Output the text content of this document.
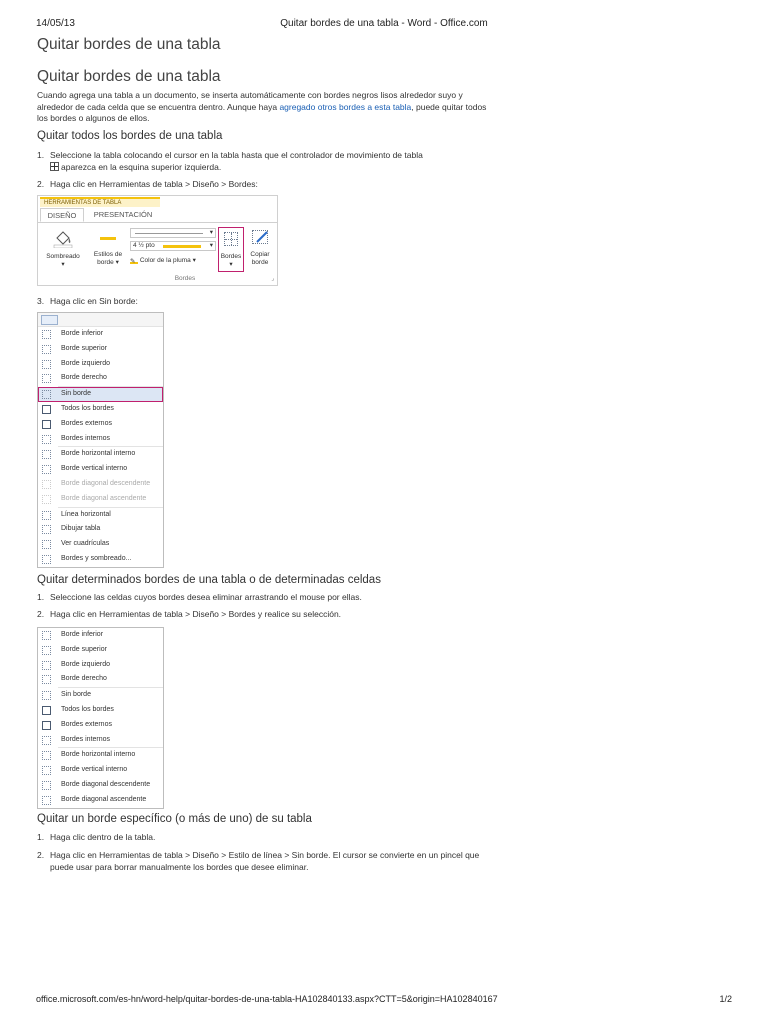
14/05/13	Quitar bordes de una tabla - Word - Office.com
Quitar bordes de una tabla
Quitar bordes de una tabla
Cuando agrega una tabla a un documento, se inserta automáticamente con bordes negros lisos alrededor suyo y alrededor de cada celda que se encuentra dentro. Aunque haya agregado otros bordes a esta tabla, puede quitar todos los bordes o algunos de ellos.
Quitar todos los bordes de una tabla
1. Seleccione la tabla colocando el cursor en la tabla hasta que el controlador de movimiento de tabla
aparezca en la esquina superior izquierda.
2. Haga clic en Herramientas de tabla > Diseño > Bordes:
HERRAMIENTAS DE TABLA
DISEÑO	PRESENTACIÓN
Sombreado
▾
Estilos de
borde ▾
▾
4 ½ pto	▾
✎ Color de la pluma ▾
Bordes
▾
Copiar
borde
Bordes	⌟
3. Haga clic en Sin borde:
Borde inferior
Borde superior
Borde izquierdo
Borde derecho
Sin borde
Todos los bordes
Bordes externos
Bordes internos
Borde horizontal interno
Borde vertical interno
Borde diagonal descendente
Borde diagonal ascendente
Línea horizontal
Dibujar tabla
Ver cuadrículas
Bordes y sombreado...
Quitar determinados bordes de una tabla o de determinadas celdas
1. Seleccione las celdas cuyos bordes desea eliminar arrastrando el mouse por ellas.
2. Haga clic en Herramientas de tabla > Diseño > Bordes y realice su selección.
Borde inferior
Borde superior
Borde izquierdo
Borde derecho
Sin borde
Todos los bordes
Bordes externos
Bordes internos
Borde horizontal interno
Borde vertical interno
Borde diagonal descendente
Borde diagonal ascendente
Quitar un borde específico (o más de uno) de su tabla
1. Haga clic dentro de la tabla.
2. Haga clic en Herramientas de tabla > Diseño > Estilo de línea > Sin borde. El cursor se convierte en un pincel que puede usar para borrar manualmente los bordes que desee eliminar.
office.microsoft.com/es-hn/word-help/quitar-bordes-de-una-tabla-HA102840133.aspx?CTT=5&origin=HA102840167	1/2
